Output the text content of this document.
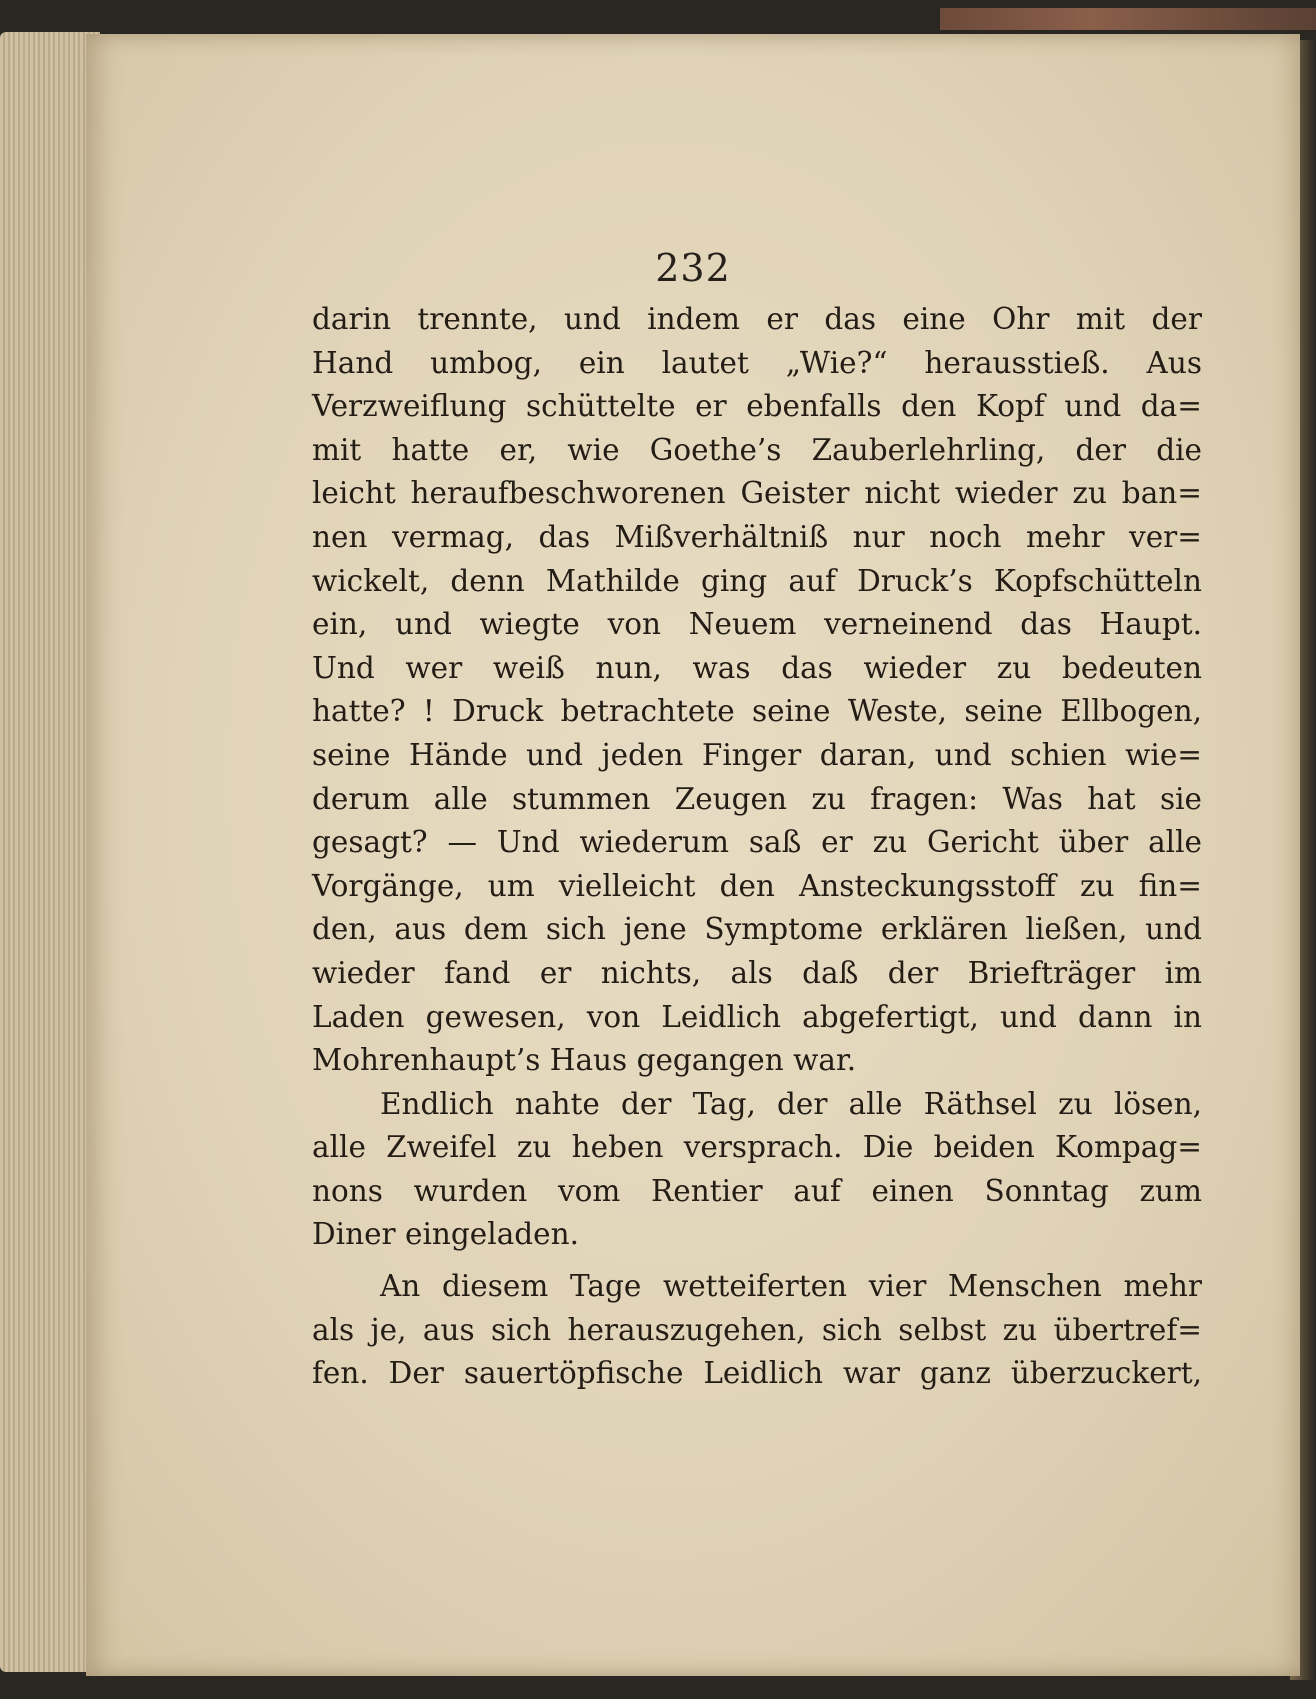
232
darin trennte, und indem er das eine Ohr mit der
Hand umbog, ein lautet „Wie?“ herausstieß. Aus
Verzweiflung schüttelte er ebenfalls den Kopf und da=
mit hatte er, wie Goethe’s Zauberlehrling, der die
leicht heraufbeschworenen Geister nicht wieder zu ban=
nen vermag, das Mißverhältniß nur noch mehr ver=
wickelt, denn Mathilde ging auf Druck’s Kopfschütteln
ein, und wiegte von Neuem verneinend das Haupt.
Und wer weiß nun, was das wieder zu bedeuten
hatte? ! Druck betrachtete seine Weste, seine Ellbogen,
seine Hände und jeden Finger daran, und schien wie=
derum alle stummen Zeugen zu fragen: Was hat sie
gesagt? — Und wiederum saß er zu Gericht über alle
Vorgänge, um vielleicht den Ansteckungsstoff zu fin=
den, aus dem sich jene Symptome erklären ließen, und
wieder fand er nichts, als daß der Briefträger im
Laden gewesen, von Leidlich abgefertigt, und dann in
Mohrenhaupt’s Haus gegangen war.
Endlich nahte der Tag, der alle Räthsel zu lösen,
alle Zweifel zu heben versprach. Die beiden Kompag=
nons wurden vom Rentier auf einen Sonntag zum
Diner eingeladen.
An diesem Tage wetteiferten vier Menschen mehr
als je, aus sich herauszugehen, sich selbst zu übertref=
fen. Der sauertöpfische Leidlich war ganz überzuckert,
